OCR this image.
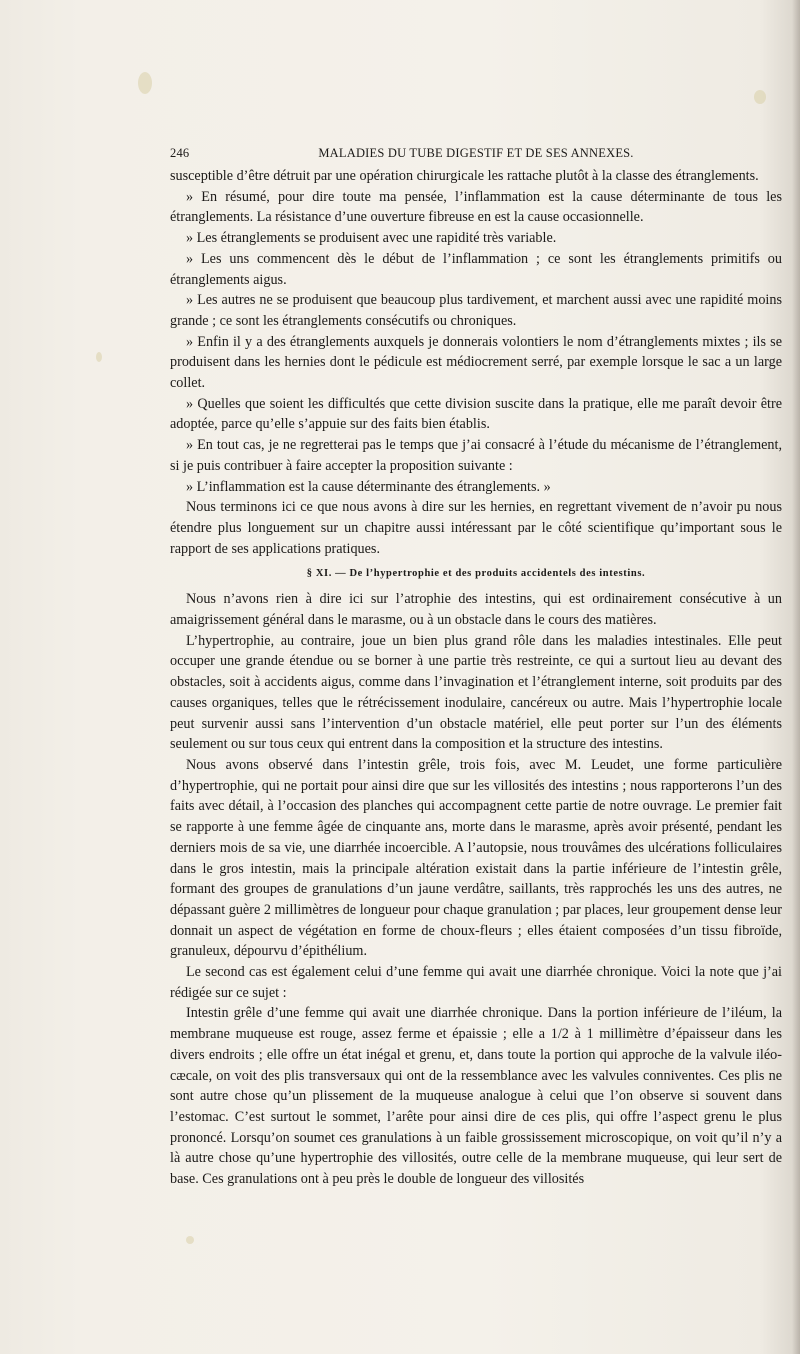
246	MALADIES DU TUBE DIGESTIF ET DE SES ANNEXES.

susceptible d’être détruit par une opération chirurgicale les rattache plutôt à la classe des étranglements.

» En résumé, pour dire toute ma pensée, l’inflammation est la cause déterminante de tous les étranglements. La résistance d’une ouverture fibreuse en est la cause occasionnelle.

» Les étranglements se produisent avec une rapidité très variable.

» Les uns commencent dès le début de l’inflammation ; ce sont les étranglements primitifs ou étranglements aigus.

» Les autres ne se produisent que beaucoup plus tardivement, et marchent aussi avec une rapidité moins grande ; ce sont les étranglements consécutifs ou chroniques.

» Enfin il y a des étranglements auxquels je donnerais volontiers le nom d’étranglements mixtes ; ils se produisent dans les hernies dont le pédicule est médiocrement serré, par exemple lorsque le sac a un large collet.

» Quelles que soient les difficultés que cette division suscite dans la pratique, elle me paraît devoir être adoptée, parce qu’elle s’appuie sur des faits bien établis.

» En tout cas, je ne regretterai pas le temps que j’ai consacré à l’étude du mécanisme de l’étranglement, si je puis contribuer à faire accepter la proposition suivante :

» L’inflammation est la cause déterminante des étranglements. »

Nous terminons ici ce que nous avons à dire sur les hernies, en regrettant vivement de n’avoir pu nous étendre plus longuement sur un chapitre aussi intéressant par le côté scientifique qu’important sous le rapport de ses applications pratiques.

§ XI. — De l’hypertrophie et des produits accidentels des intestins.

Nous n’avons rien à dire ici sur l’atrophie des intestins, qui est ordinairement consécutive à un amaigrissement général dans le marasme, ou à un obstacle dans le cours des matières.

L’hypertrophie, au contraire, joue un bien plus grand rôle dans les maladies intestinales. Elle peut occuper une grande étendue ou se borner à une partie très restreinte, ce qui a surtout lieu au devant des obstacles, soit à accidents aigus, comme dans l’invagination et l’étranglement interne, soit produits par des causes organiques, telles que le rétrécissement inodulaire, cancéreux ou autre. Mais l’hypertrophie locale peut survenir aussi sans l’intervention d’un obstacle matériel, elle peut porter sur l’un des éléments seulement ou sur tous ceux qui entrent dans la composition et la structure des intestins.

Nous avons observé dans l’intestin grêle, trois fois, avec M. Leudet, une forme particulière d’hypertrophie, qui ne portait pour ainsi dire que sur les villosités des intestins ; nous rapporterons l’un des faits avec détail, à l’occasion des planches qui accompagnent cette partie de notre ouvrage. Le premier fait se rapporte à une femme âgée de cinquante ans, morte dans le marasme, après avoir présenté, pendant les derniers mois de sa vie, une diarrhée incoercible. A l’autopsie, nous trouvâmes des ulcérations folliculaires dans le gros intestin, mais la principale altération existait dans la partie inférieure de l’intestin grêle, formant des groupes de granulations d’un jaune verdâtre, saillants, très rapprochés les uns des autres, ne dépassant guère 2 millimètres de longueur pour chaque granulation ; par places, leur groupement dense leur donnait un aspect de végétation en forme de choux-fleurs ; elles étaient composées d’un tissu fibroïde, granuleux, dépourvu d’épithélium.

Le second cas est également celui d’une femme qui avait une diarrhée chronique. Voici la note que j’ai rédigée sur ce sujet :

Intestin grêle d’une femme qui avait une diarrhée chronique. Dans la portion inférieure de l’iléum, la membrane muqueuse est rouge, assez ferme et épaissie ; elle a 1/2 à 1 millimètre d’épaisseur dans les divers endroits ; elle offre un état inégal et grenu, et, dans toute la portion qui approche de la valvule iléo-cæcale, on voit des plis transversaux qui ont de la ressemblance avec les valvules conniventes. Ces plis ne sont autre chose qu’un plissement de la muqueuse analogue à celui que l’on observe si souvent dans l’estomac. C’est surtout le sommet, l’arête pour ainsi dire de ces plis, qui offre l’aspect grenu le plus prononcé. Lorsqu’on soumet ces granulations à un faible grossissement microscopique, on voit qu’il n’y a là autre chose qu’une hypertrophie des villosités, outre celle de la membrane muqueuse, qui leur sert de base. Ces granulations ont à peu près le double de longueur des villosités
